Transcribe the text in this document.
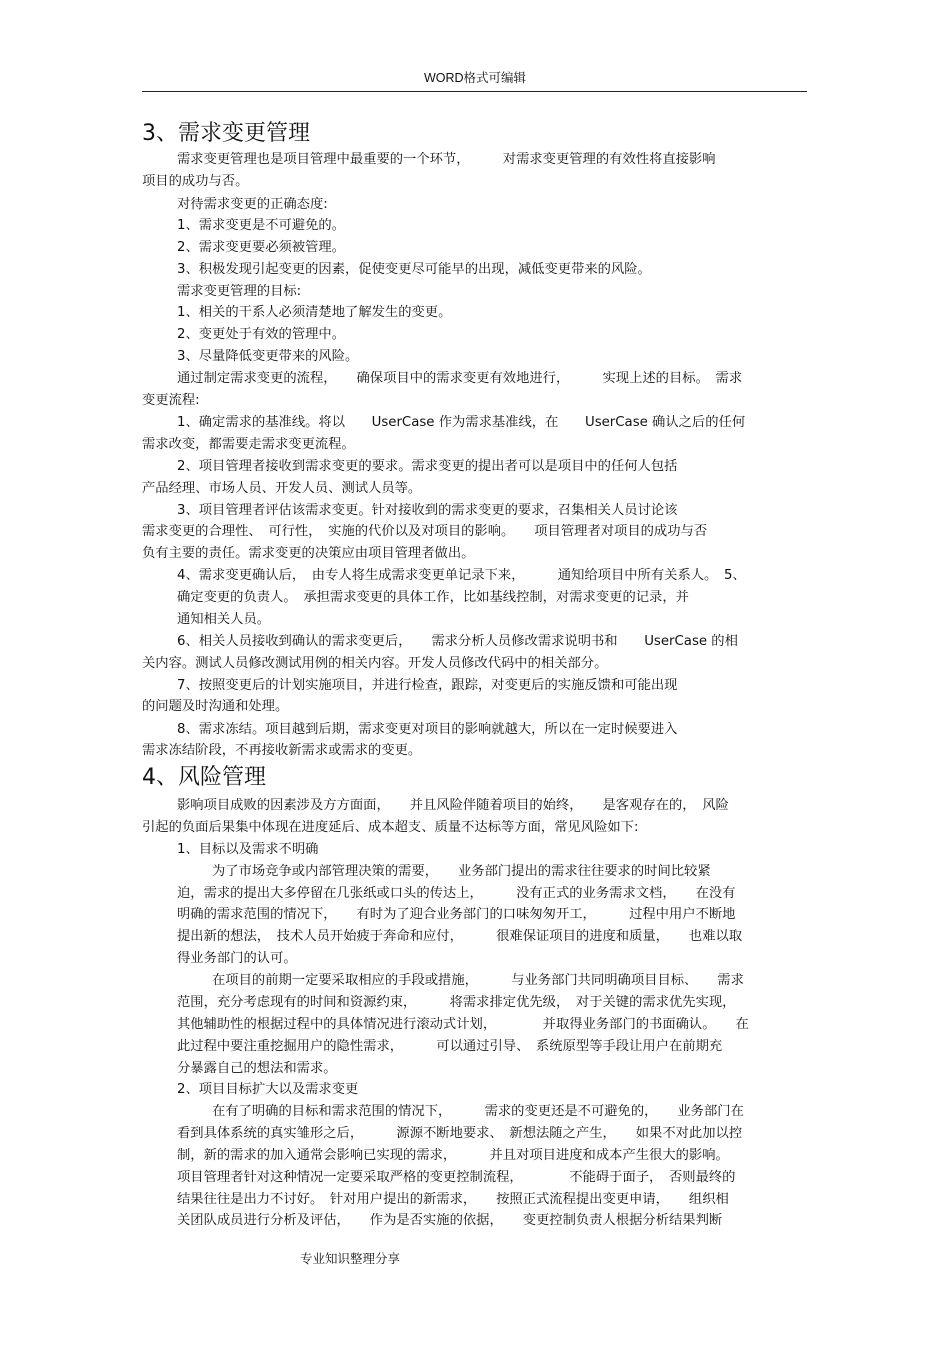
WORD格式可编辑
3、需求变更管理
需求变更管理也是项目管理中最重要的一个环节，　　　对需求变更管理的有效性将直接影响
项目的成功与否。
对待需求变更的正确态度:
1、需求变更是不可避免的。
2、需求变更要必须被管理。
3、积极发现引起变更的因素，促使变更尽可能早的出现，减低变更带来的风险。
需求变更管理的目标:
1、相关的干系人必须清楚地了解发生的变更。
2、变更处于有效的管理中。
3、尽量降低变更带来的风险。
通过制定需求变更的流程，　　确保项目中的需求变更有效地进行，　　　实现上述的目标。　需求
变更流程:
1、确定需求的基准线。将以　　UserCase 作为需求基准线，在　　UserCase 确认之后的任何
需求改变，都需要走需求变更流程。
2、项目管理者接收到需求变更的要求。需求变更的提出者可以是项目中的任何人包括
产品经理、市场人员、开发人员、测试人员等。
3、项目管理者评估该需求变更。针对接收到的需求变更的要求，召集相关人员讨论该
需求变更的合理性、　可行性，　实施的代价以及对项目的影响。　　项目管理者对项目的成功与否
负有主要的责任。需求变更的决策应由项目管理者做出。
4、需求变更确认后，　由专人将生成需求变更单记录下来，　　　通知给项目中所有关系人。　5、
确定变更的负责人。　承担需求变更的具体工作，比如基线控制，对需求变更的记录，并
通知相关人员。
6、相关人员接收到确认的需求变更后，　　需求分析人员修改需求说明书和　　UserCase 的相
关内容。测试人员修改测试用例的相关内容。开发人员修改代码中的相关部分。
7、按照变更后的计划实施项目，并进行检查，跟踪，对变更后的实施反馈和可能出现
的问题及时沟通和处理。
8、需求冻结。项目越到后期，需求变更对项目的影响就越大，所以在一定时候要进入
需求冻结阶段，不再接收新需求或需求的变更。
4、风险管理
影响项目成败的因素涉及方方面面，　　并且风险伴随着项目的始终，　　是客观存在的，　风险
引起的负面后果集中体现在进度延后、成本超支、质量不达标等方面，常见风险如下:
1、目标以及需求不明确
为了市场竞争或内部管理决策的需要，　　业务部门提出的需求往往要求的时间比较紧
迫，需求的提出大多停留在几张纸或口头的传达上，　　　没有正式的业务需求文档，　　在没有
明确的需求范围的情况下，　　有时为了迎合业务部门的口味匆匆开工，　　　过程中用户不断地
提出新的想法，　技术人员开始疲于奔命和应付，　　　很难保证项目的进度和质量，　　也难以取
得业务部门的认可。
在项目的前期一定要采取相应的手段或措施，　　　与业务部门共同明确项目目标、　　需求
范围，充分考虑现有的时间和资源约束，　　　将需求排定优先级，　对于关键的需求优先实现，
其他辅助性的根据过程中的具体情况进行滚动式计划，　　　　并取得业务部门的书面确认。　　在
此过程中要注重挖掘用户的隐性需求，　　　可以通过引导、　系统原型等手段让用户在前期充
分暴露自己的想法和需求。
2、项目目标扩大以及需求变更
在有了明确的目标和需求范围的情况下，　　　需求的变更还是不可避免的，　　业务部门在
看到具体系统的真实雏形之后，　　　源源不断地要求、　新想法随之产生，　　如果不对此加以控
制，新的需求的加入通常会影响已实现的需求，　　　并且对项目进度和成本产生很大的影响。
项目管理者针对这种情况一定要采取严格的变更控制流程，　　　　不能碍于面子，　否则最终的
结果往往是出力不讨好。　针对用户提出的新需求，　　按照正式流程提出变更申请，　　组织相
关团队成员进行分析及评估，　　作为是否实施的依据，　　变更控制负责人根据分析结果判断
专业知识整理分享
